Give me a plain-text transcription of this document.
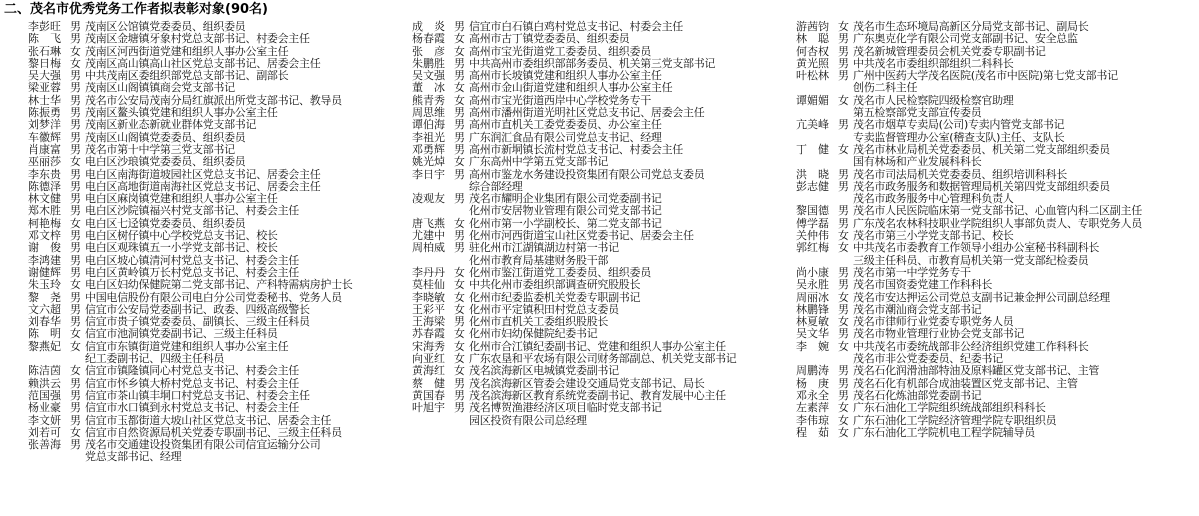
二、茂名市优秀党务工作者拟表彰对象(90名)
李彭旺 男 茂南区公馆镇党委委员、组织委员
陈　飞 男 茂南区金塘镇牙象村党总支部书记、村委会主任
张石琳 女 茂南区河西街道党建和组织人事办公室主任
黎日梅 女 茂南区高山镇高山社区党总支部书记、居委会主任
吴大强 男 中共茂南区委组织部党总支部书记、副部长
梁亚蓉 男 茂南区山阁镇镇商会党支部书记
林士华 男 茂名市公安局茂南分局红旗派出所党支部书记、教导员
陈振勇 男 茂南区鳌头镇党建和组织人事办公室主任
刘梦洋 男 茂南区新业态新就业群体党支部书记
车徽辉 男 茂南区山阁镇党委委员、组织委员
肖康富 男 茂名市第十中学第三党支部书记
巫丽莎 女 电白区沙琅镇党委委员、组织委员
李东贵 男 电白区南海街道坡园社区党总支书记、居委会主任
陈德泽 男 电白区高地街道南海社区党总支书记、居委会主任
林文健 男 电白区麻岗镇党建和组织人事办公室主任
郑木胜 男 电白区沙院镇福兴村党支部书记、村委会主任
柯艳梅 女 电白区七迳镇党委委员、组织委员
邓文梓 男 电白区树仔镇中心学校党总支书记、校长
谢　俊 男 电白区观珠镇五一小学党支部书记、校长
李鸿建 男 电白区坡心镇清河村党总支书记、村委会主任
谢健辉 男 电白区黄岭镇万长村党总支书记、村委会主任
朱玉玲 女 电白区妇幼保健院第二党支部书记、产科特需病房护士长
黎　尧 男 中国电信股份有限公司电白分公司党委秘书、党务人员
文六超 男 信宜市公安局党委副书记、政委、四级高级警长
刘春华 男 信宜市贵子镇党委委员、副镇长、三级主任科员
陈　明 女 信宜市池洞镇党委副书记、三级主任科员
黎燕妃 女 信宜市东镇街道党建和组织人事办公室主任
纪工委副书记、四级主任科员
陈洁茵 女 信宜市镇隆镇同心村党总支书记、村委会主任
赖洪云 男 信宜市怀乡镇大桥村党总支书记、村委会主任
范国强 男 信宜市茶山镇丰垌口村党总支书记、村委会主任
杨业豪 男 信宜市水口镇到永村党总支书记、村委会主任
李文妍 男 信宜市玉都街道大坡山社区党总支书记、居委会主任
刘若可 女 信宜市自然资源局机关党委专职副书记、三级主任科员
张善海 男 茂名市交通建设投资集团有限公司信宜运输分公司
党总支部书记、经理
成　炎 男 信宜市白石镇白鸡村党总支书记、村委会主任
杨春霞 女 高州市古丁镇党委委员、组织委员
张　彦 女 高州市宝光街道党工委委员、组织委员
朱鹏胜 男 中共高州市委组织部部务委员、机关第三党支部书记
吴文强 男 高州市长坡镇党建和组织人事办公室主任
董　冰 女 高州市金山街道党建和组织人事办公室主任
熊青秀 女 高州市宝光街道西岸中心学校党务专干
周思维 男 高州市潘州街道光明社区党总支书记、居委会主任
谭伯海 男 高州市直机关工委党委委员、办公室主任
李祖光 男 广东润汇食品有限公司党总支书记、经理
邓勇辉 男 高州市新垌镇长流村党总支书记、村委会主任
姚光焯 女 广东高州中学第五党支部书记
李日宇 男 高州市鉴龙水务建设投资集团有限公司党总支委员
综合部经理
凌观友 男 茂名市耀明企业集团有限公司党委副书记
化州市安居物业管理有限公司党支部书记
唐飞燕 女 化州市第一小学副校长、第二党支部书记
尤建中 男 化州市河西街道宝山社区党委书记、居委会主任
周柏威 男 驻化州市江湖镇湖边村第一书记
化州市教育局基建财务股干部
李丹丹 女 化州市鉴江街道党工委委员、组织委员
莫桂仙 女 中共化州市委组织部调查研究股股长
李晓敏 女 化州市纪委监委机关党委专职副书记
王彩平 女 化州市平定镇积田村党总支委员
王海梁 男 化州市直机关工委组织股股长
苏春霞 女 化州市妇幼保健院纪委书记
宋海秀 女 化州市合江镇纪委副书记、党建和组织人事办公室主任
向亚红 女 广东农垦和平农场有限公司财务部副总、机关党支部书记
黄海红 女 茂名滨海新区电城镇党委副书记
蔡　健 男 茂名滨海新区管委会建设交通局党支部书记、局长
黄国春 男 茂名滨海新区教育系统党委副书记、教育发展中心主任
叶旭宇 男 茂名博贺渔港经济区项目临时党支部书记
园区投资有限公司总经理
游茜钧 女 茂名市生态环境局高新区分局党支部书记、副局长
林　聪 男 广东奥克化学有限公司党支部副书记、安全总监
何杏权 男 茂名新城管理委员会机关党委专职副书记
黄光照 男 中共茂名市委组织部组织二科科长
叶松林 男 广州中医药大学茂名医院(茂名市中医院)第七党支部书记
创伤二科主任
谭媚媚 女 茂名市人民检察院四级检察官助理
第五检察部党支部宣传委员
亢美峰 男 茂名市烟草专卖局(公司)专卖内管党支部书记
专卖监督管理办公室(稽查支队)主任、支队长
丁　健 女 茂名市林业局机关党委委员、机关第二党支部组织委员
国有林场和产业发展科科长
洪　晓 男 茂名市司法局机关党委委员、组织培训科科长
彭志健 男 茂名市政务服务和数据管理局机关第四党支部组织委员
茂名市政务服务中心管理科负责人
黎国德 男 茂名市人民医院临床第一党支部书记、心血管内科二区副主任
傅学磊 男 广东茂名农林科技职业学院组织人事部负责人、专职党务人员
关仲伟 女 茂名市第三小学党支部书记、校长
郭红梅 女 中共茂名市委教育工作领导小组办公室秘书科副科长
三级主任科员、市教育局机关第一党支部纪检委员
尚小康 男 茂名市第一中学党务专干
吴永胜 男 茂名市国资委党建工作科科长
周丽冰 女 茂名市安达押运公司党总支副书记兼金押公司副总经理
林鹏锋 男 茂名市潮汕商会党支部书记
林夏敏 女 茂名市律师行业党委专职党务人员
吴文华 男 茂名市物业管理行业协会党支部书记
李　婉 女 中共茂名市委统战部非公经济组织党建工作科科长
茂名市非公党委委员、纪委书记
周鹏涛 男 茂名石化润滑油部特油及原料罐区党支部书记、主管
杨　庚 男 茂名石化有机部合成油装置区党支部书记、主管
邓永全 男 茂名石化炼油部党委副书记
左素萍 女 广东石油化工学院组织统战部组织科科长
李伟琼 女 广东石油化工学院经济管理学院专职组织员
程　茹 女 广东石油化工学院机电工程学院辅导员
